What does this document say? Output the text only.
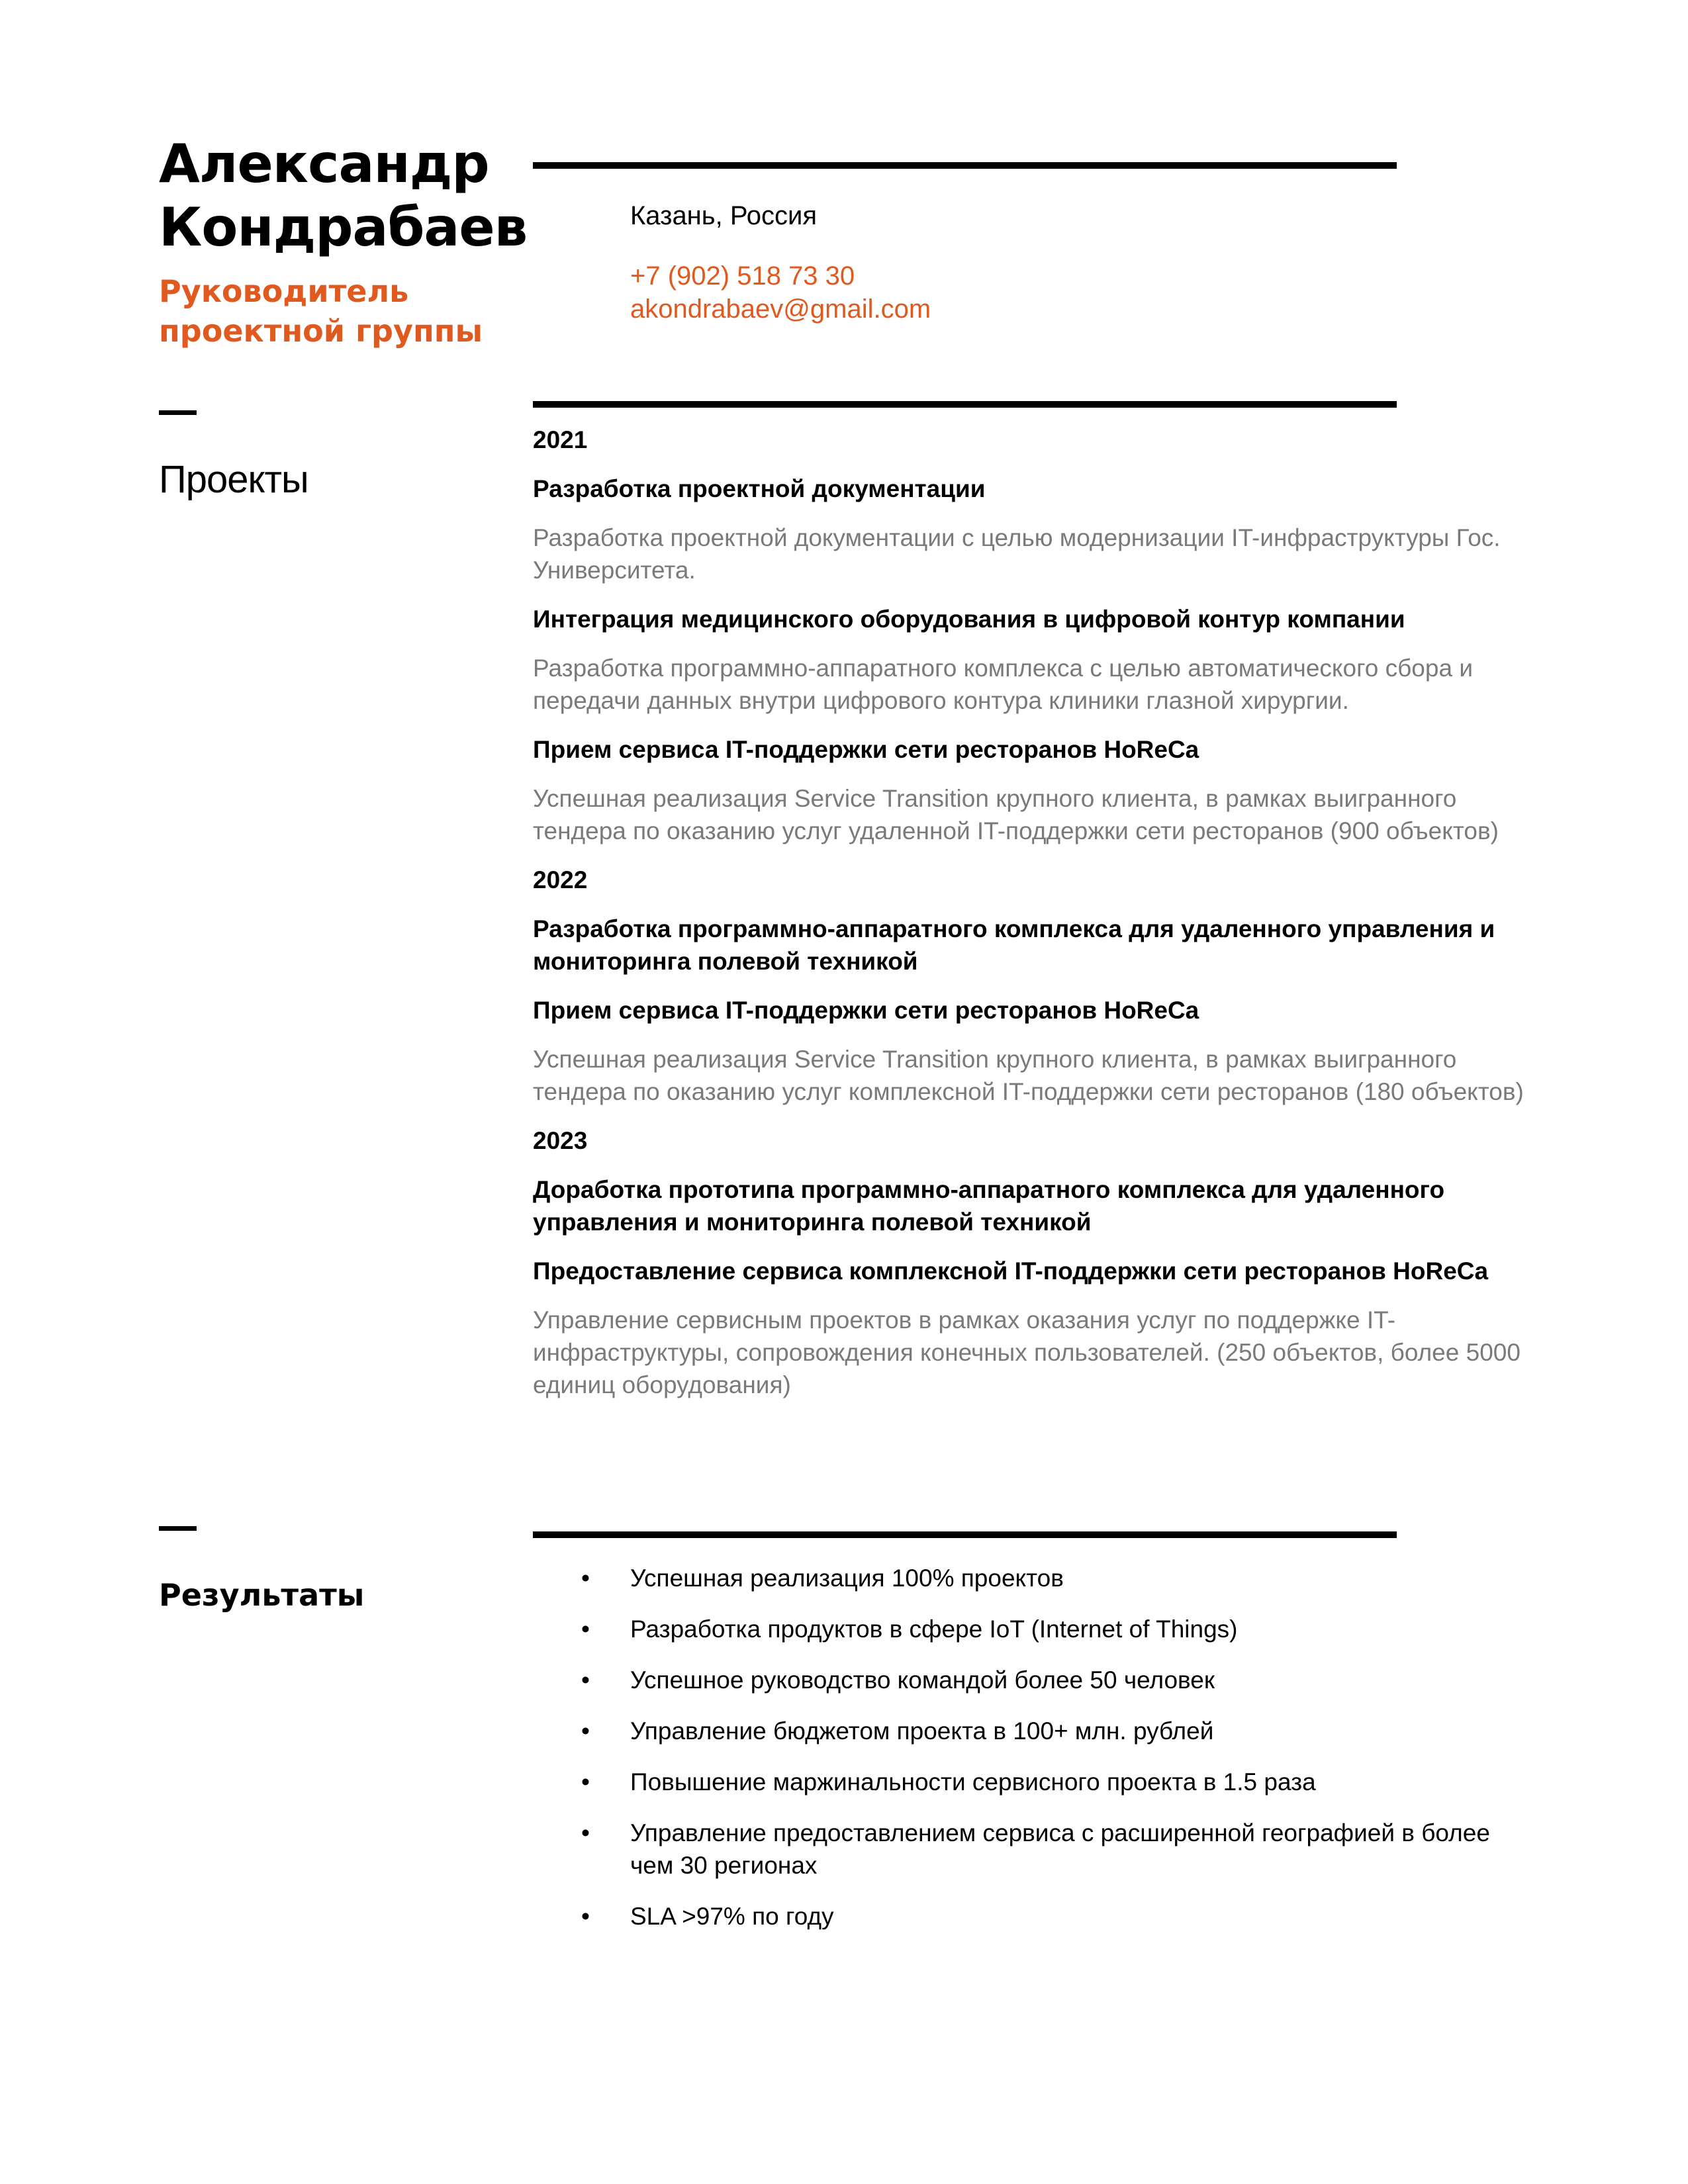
Александр
Кондрабаев
Руководитель
проектной группы
Казань, Россия
+7 (902) 518 73 30
akondrabaev@gmail.com
Проекты
2021
Разработка проектной документации
Разработка проектной документации с целью модернизации IT-инфраструктуры Гос. Университета.
Интеграция медицинского оборудования в цифровой контур компании
Разработка программно-аппаратного комплекса с целью автоматического сбора и передачи данных внутри цифрового контура клиники глазной хирургии.
Прием сервиса IT-поддержки сети ресторанов HoReCa
Успешная реализация Service Transition крупного клиента, в рамках выигранного тендера по оказанию услуг удаленной IT-поддержки сети ресторанов (900 объектов)
2022
Разработка программно-аппаратного комплекса для удаленного управления и мониторинга полевой техникой
Прием сервиса IT-поддержки сети ресторанов HoReCa
Успешная реализация Service Transition крупного клиента, в рамках выигранного тендера по оказанию услуг комплексной IT-поддержки сети ресторанов (180 объектов)
2023
Доработка прототипа программно-аппаратного комплекса для удаленного управления и мониторинга полевой техникой
Предоставление сервиса комплексной IT-поддержки сети ресторанов HoReCa
Управление сервисным проектов в рамках оказания услуг по поддержке IT-инфраструктуры, сопровождения конечных пользователей. (250 объектов, более 5000 единиц оборудования)
Результаты	• Успешная реализация 100% проектов
• Разработка продуктов в сфере IoT (Internet of Things)
• Успешное руководство командой более 50 человек
• Управление бюджетом проекта в 100+ млн. рублей
• Повышение маржинальности сервисного проекта в 1.5 раза
• Управление предоставлением сервиса с расширенной географией в более чем 30 регионах
• SLA >97% по году
